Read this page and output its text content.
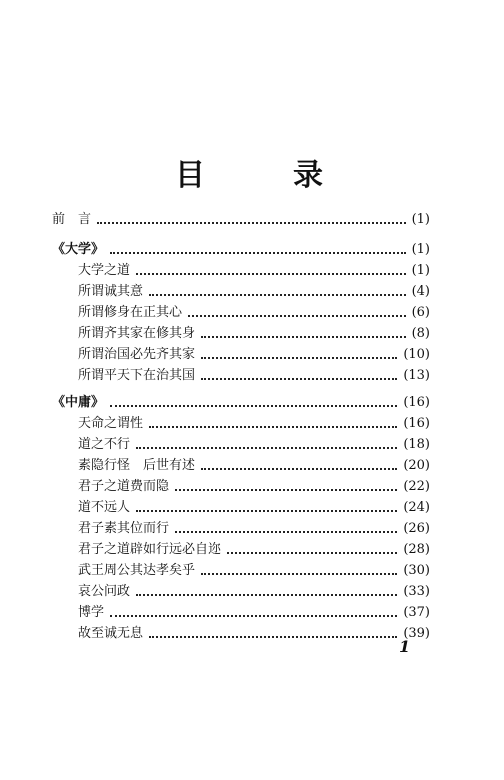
目	录
前　言	(1)
《大学》	(1)
大学之道	(1)
所谓诚其意	(4)
所谓修身在正其心	(6)
所谓齐其家在修其身	(8)
所谓治国必先齐其家	(10)
所谓平天下在治其国	(13)
《中庸》	(16)
天命之谓性	(16)
道之不行	(18)
素隐行怪　后世有述	(20)
君子之道费而隐	(22)
道不远人	(24)
君子素其位而行	(26)
君子之道辟如行远必自迩	(28)
武王周公其达孝矣乎	(30)
哀公问政	(33)
博学	(37)
故至诚无息	(39)
1
